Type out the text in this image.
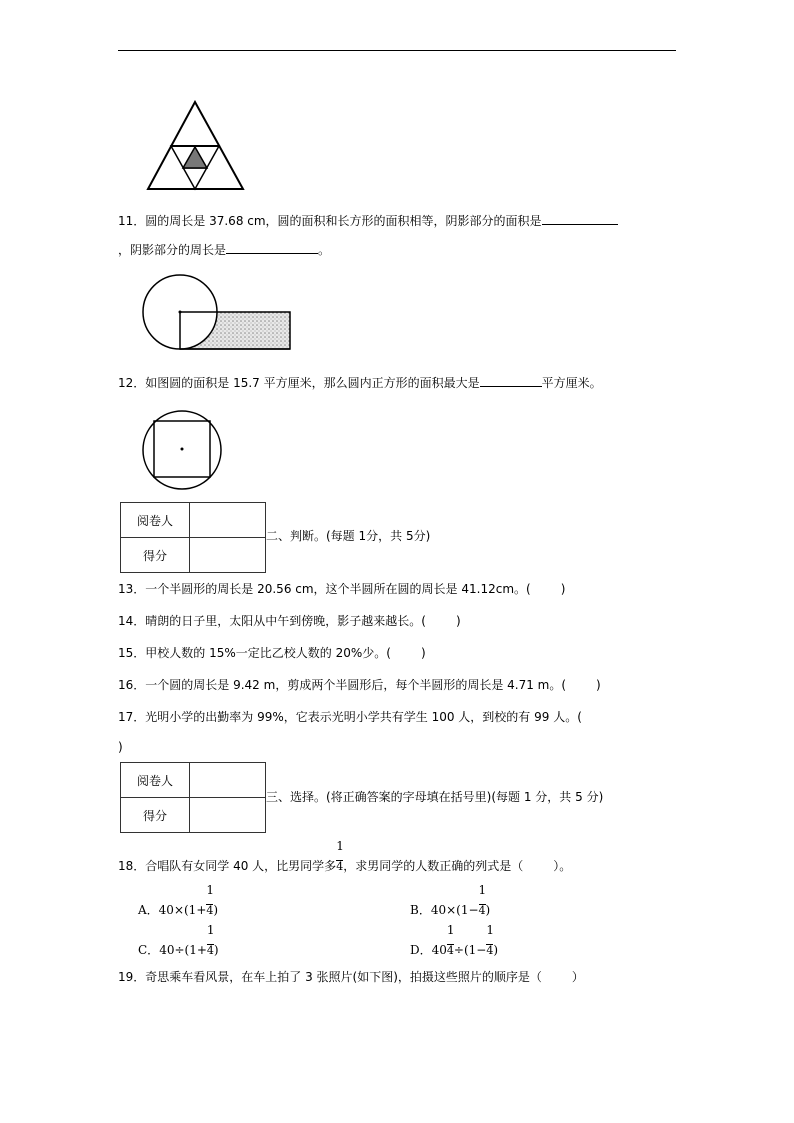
11．圆的周长是 37.68 cm，圆的面积和长方形的面积相等，阴影部分的面积是
，阴影部分的周长是	。
12．如图圆的面积是 15.7 平方厘米，那么圆内正方形的面积最大是	平方厘米。
阅卷人	
得分	
二、判断。(每题 1分，共 5分)
13．一个半圆形的周长是 20.56 cm，这个半圆所在圆的周长是 41.12cm。(	)
14．晴朗的日子里，太阳从中午到傍晚，影子越来越长。(	)
15．甲校人数的 15%一定比乙校人数的 20%少。(	)
16．一个圆的周长是 9.42 m，剪成两个半圆形后，每个半圆形的周长是 4.71 m。(	)
17．光明小学的出勤率为 99%，它表示光明小学共有学生 100 人，到校的有 99 人。(
)
阅卷人	
得分	
三、选择。(将正确答案的字母填在括号里)(每题 1 分，共 5 分)
18．合唱队有女同学 40 人，比男同学多 $\frac{1}{4}$，求男同学的人数正确的列式是（	）。
A．$40\times(1+ \frac{1}{4})$	B．$40\times(1- \frac{1}{4})$
C．$40\div(1+ \frac{1}{4})$	D．$40 \frac{1}{4}\div(1- \frac{1}{4})$
19．奇思乘车看风景，在车上拍了 3 张照片(如下图)，拍摄这些照片的顺序是（	）
